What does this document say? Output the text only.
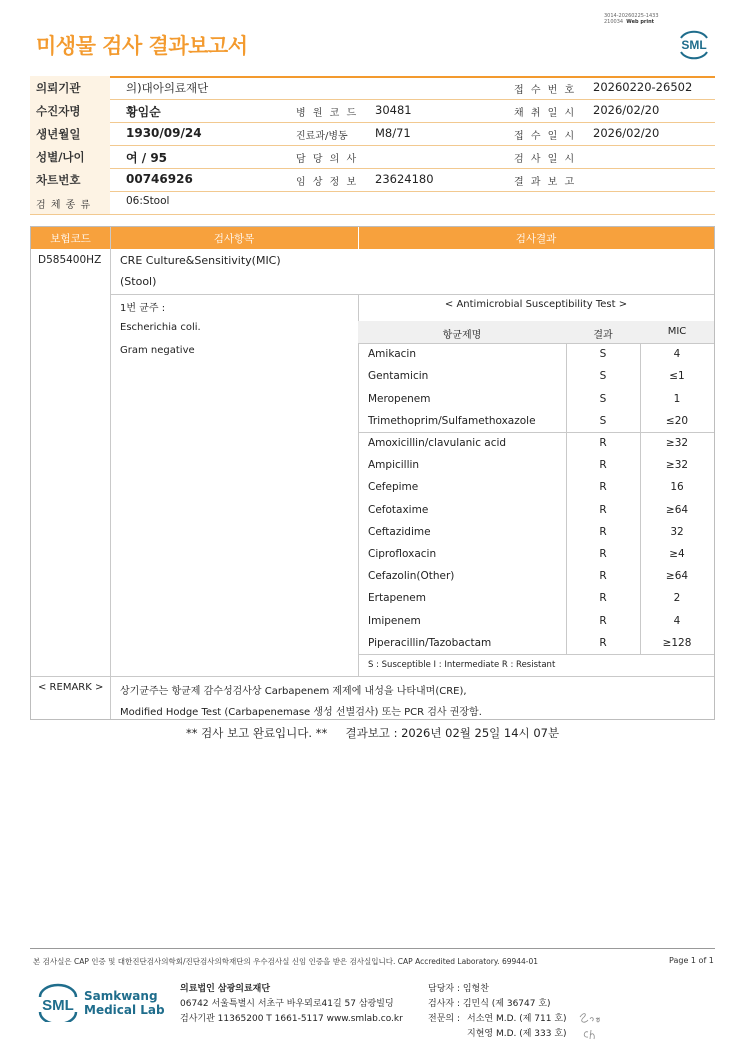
미생물 검사 결과보고서
3014-20260225-1433
210034 Web print
SML
의뢰기관	의)대아의료재단	접 수 번 호 20260220-26502
수진자명	황임순	병 원 코 드 30481	채 취 일 시 2026/02/20
생년월일	1930/09/24	진료과/병동 M8/71	접 수 일 시 2026/02/20
성별/나이	여 / 95	담 당 의 사	검 사 일 시
차트번호	00746926	임 상 정 보 23624180	결 과 보 고
검 체 종 류	06:Stool
보험코드	검사항목	검사결과
D585400HZ CRE Culture&Sensitivity(MIC)
(Stool)
1번 균주 :
Escherichia coli.
Gram negative
< Antimicrobial Susceptibility Test >
항균제명	결과	MIC
Amikacin	S	4
Gentamicin	S	≤1
Meropenem	S	1
Trimethoprim/Sulfamethoxazole	S	≤20
Amoxicillin/clavulanic acid	R	≥32
Ampicillin	R	≥32
Cefepime	R	16
Cefotaxime	R	≥64
Ceftazidime	R	32
Ciprofloxacin	R	≥4
Cefazolin(Other)	R	≥64
Ertapenem	R	2
Imipenem	R	4
Piperacillin/Tazobactam	R	≥128
S : Susceptible I : Intermediate R : Resistant
< REMARK > 상기균주는 항균제 감수성검사상 Carbapenem 제제에 내성을 나타내며(CRE),
Modified Hodge Test (Carbapenemase 생성 선별검사) 또는 PCR 검사 권장함.
** 검사 보고 완료입니다. **     결과보고 : 2026년 02월 25일 14시 07분
본 검사실은 CAP 인증 및 대한진단검사의학회/진단검사의학재단의 우수검사실 신임 인증을 받은 검사실입니다. CAP Accredited Laboratory. 69944-01	Page 1 of 1
SML
Samkwang
Medical Lab
의료법인 삼광의료재단
06742 서울특별시 서초구 바우뫼로41길 57 삼광빌딩
검사기관 11365200 T 1661-5117 www.smlab.co.kr
담당자 : 임형찬
검사자 : 김민식 (제 36747 호)
전문의 : 서소연 M.D. (제 711 호)
지현영 M.D. (제 333 호)
